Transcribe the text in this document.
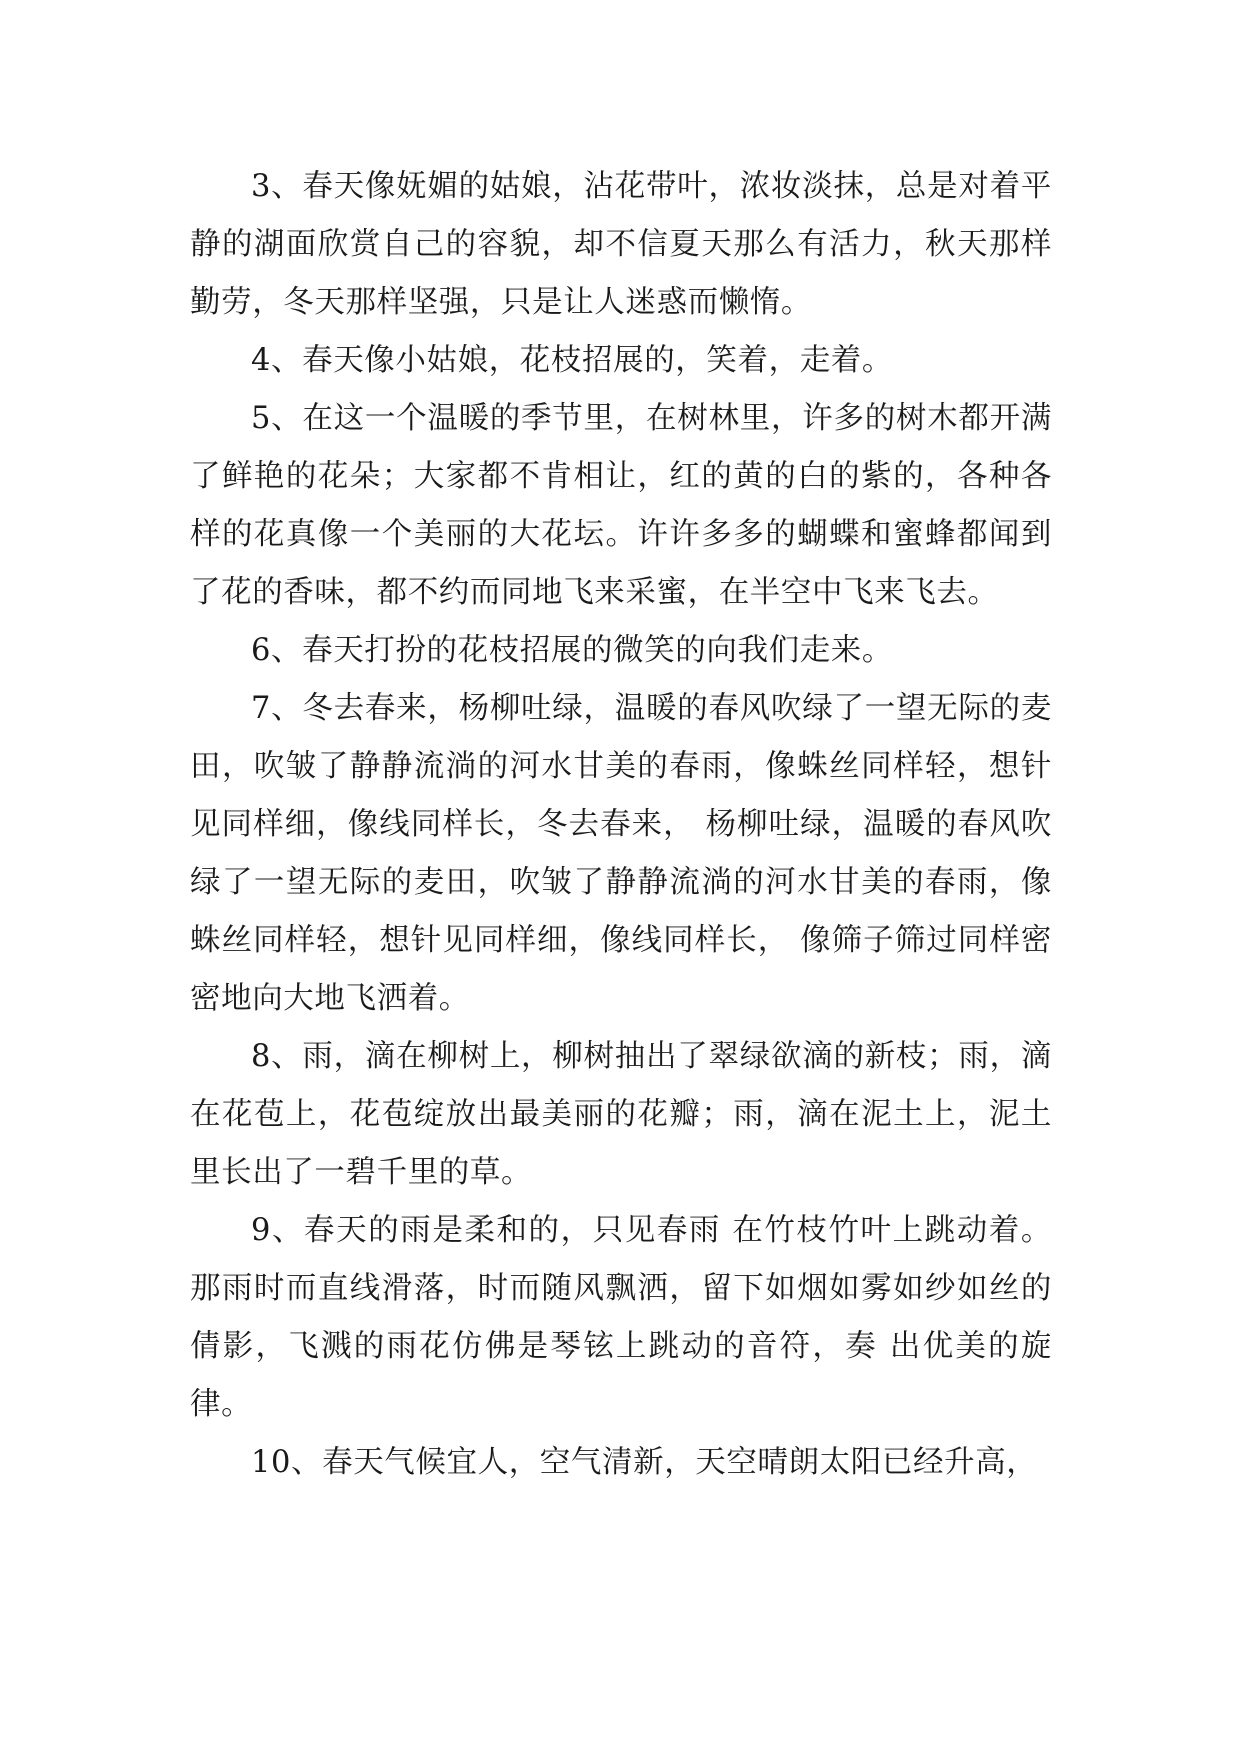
3、春天像妩媚的姑娘，沾花带叶，浓妆淡抹，总是对着平静的湖面欣赏自己的容貌，却不信夏天那么有活力，秋天那样勤劳，冬天那样坚强，只是让人迷惑而懒惰。

4、春天像小姑娘，花枝招展的，笑着，走着。

5、在这一个温暖的季节里，在树林里，许多的树木都开满了鲜艳的花朵；大家都不肯相让，红的黄的白的紫的，各种各样的花真像一个美丽的大花坛。许许多多的蝴蝶和蜜蜂都闻到了花的香味，都不约而同地飞来采蜜，在半空中飞来飞去。

6、春天打扮的花枝招展的微笑的向我们走来。

7、冬去春来，杨柳吐绿，温暖的春风吹绿了一望无际的麦田，吹皱了静静流淌的河水甘美的春雨，像蛛丝同样轻，想针见同样细，像线同样长，冬去春来， 杨柳吐绿，温暖的春风吹绿了一望无际的麦田，吹皱了静静流淌的河水甘美的春雨，像蛛丝同样轻，想针见同样细，像线同样长， 像筛子筛过同样密密地向大地飞洒着。

8、雨，滴在柳树上，柳树抽出了翠绿欲滴的新枝；雨，滴在花苞上，花苞绽放出最美丽的花瓣；雨，滴在泥土上，泥土里长出了一碧千里的草。

9、春天的雨是柔和的，只见春雨 在竹枝竹叶上跳动着。那雨时而直线滑落，时而随风飘洒，留下如烟如雾如纱如丝的倩影，飞溅的雨花仿佛是琴铉上跳动的音符，奏 出优美的旋律。

10、春天气候宜人，空气清新，天空晴朗太阳已经升高，
